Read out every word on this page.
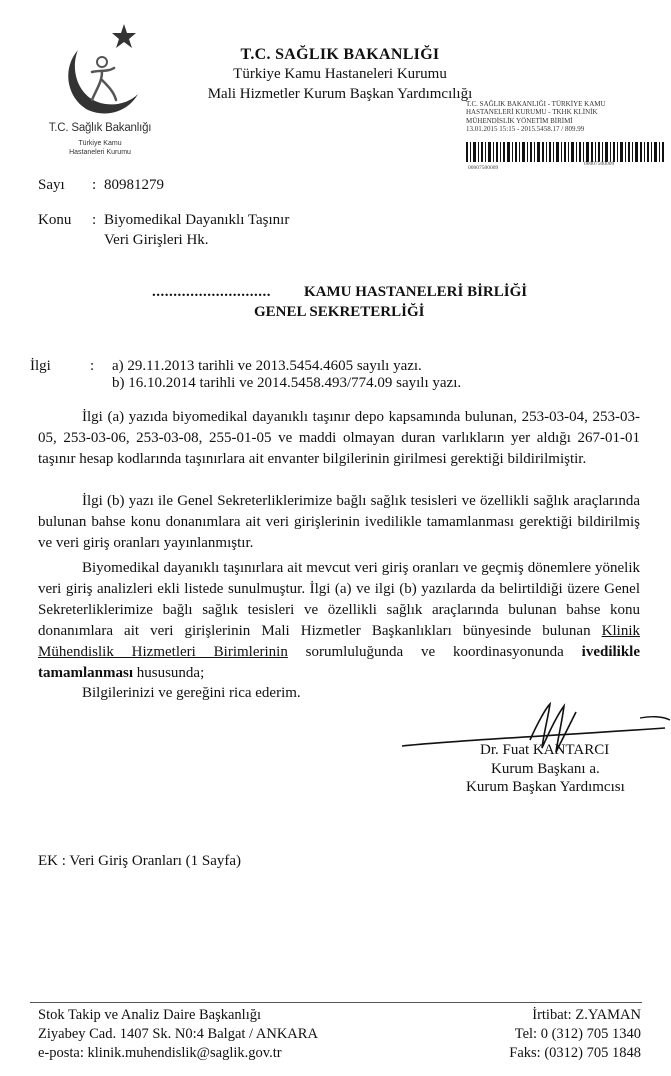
T.C. Sağlık Bakanlığı
Türkiye Kamu
Hastaneleri Kurumu
T.C. SAĞLIK BAKANLIĞI
Türkiye Kamu Hastaneleri Kurumu
Mali Hizmetler Kurum Başkan Yardımcılığı
T.C. SAĞLIK BAKANLIĞI - TÜRKİYE KAMU
HASTANELERİ KURUMU - TKHK KLİNİK
MÜHENDİSLİK YÖNETİM BİRİMİ
13.01.2015 15:15 - 2015.5458.17 / 809.99
00007500009
00007500009
Sayı : 80981279
Konu : Biyomedikal Dayanıklı Taşınır
Veri Girişleri Hk.
............................ KAMU HASTANELERİ BİRLİĞİ
GENEL SEKRETERLİĞİ
İlgi	: a) 29.11.2013 tarihli ve 2013.5454.4605 sayılı yazı.
b) 16.10.2014 tarihli ve 2014.5458.493/774.09 sayılı yazı.
İlgi (a) yazıda biyomedikal dayanıklı taşınır depo kapsamında bulunan, 253-03-04, 253-03-05, 253-03-06, 253-03-08, 255-01-05 ve maddi olmayan duran varlıkların yer aldığı 267-01-01 taşınır hesap kodlarında taşınırlara ait envanter bilgilerinin girilmesi gerektiği bildirilmiştir.
İlgi (b) yazı ile Genel Sekreterliklerimize bağlı sağlık tesisleri ve özellikli sağlık araçlarında bulunan bahse konu donanımlara ait veri girişlerinin ivedilikle tamamlanması gerektiği bildirilmiş ve veri giriş oranları yayınlanmıştır.
Biyomedikal dayanıklı taşınırlara ait mevcut veri giriş oranları ve geçmiş dönemlere yönelik veri giriş analizleri ekli listede sunulmuştur. İlgi (a) ve ilgi (b) yazılarda da belirtildiği üzere Genel Sekreterliklerimize bağlı sağlık tesisleri ve özellikli sağlık araçlarında bulunan bahse konu donanımlara ait veri girişlerinin Mali Hizmetler Başkanlıkları bünyesinde bulunan Klinik Mühendislik Hizmetleri Birimlerinin sorumluluğunda ve koordinasyonunda ivedilikle tamamlanması hususunda;
Bilgilerinizi ve gereğini rica ederim.
Dr. Fuat KANTARCI
Kurum Başkanı a.
Kurum Başkan Yardımcısı
EK : Veri Giriş Oranları (1 Sayfa)
Stok Takip ve Analiz Daire Başkanlığı
Ziyabey Cad. 1407 Sk. N0:4 Balgat / ANKARA
e-posta: klinik.muhendislik@saglik.gov.tr
İrtibat: Z.YAMAN
Tel: 0 (312) 705 1340
Faks: (0312) 705 1848
